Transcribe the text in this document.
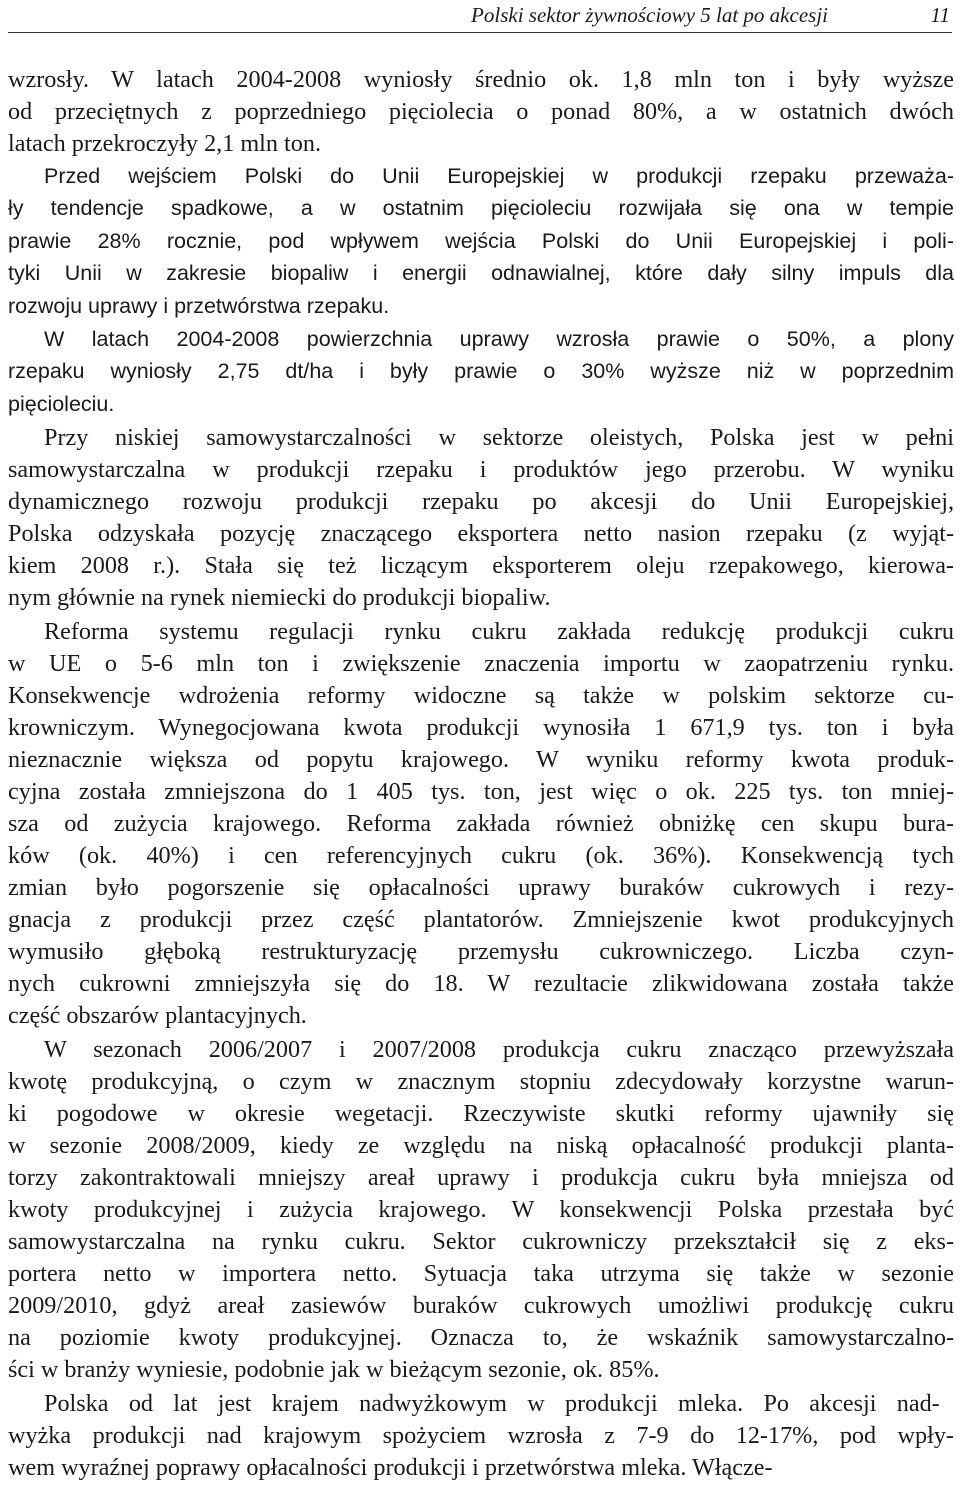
Polski sektor żywnościowy 5 lat po akcesji	11
wzrosły. W latach 2004-2008 wyniosły średnio ok. 1,8 mln ton i były wyższe
od przeciętnych z poprzedniego pięciolecia o ponad 80%, a w ostatnich dwóch
latach przekroczyły 2,1 mln ton.
Przed wejściem Polski do Unii Europejskiej w produkcji rzepaku przeważa-
ły tendencje spadkowe, a w ostatnim pięcioleciu rozwijała się ona w tempie
prawie 28% rocznie, pod wpływem wejścia Polski do Unii Europejskiej i poli-
tyki Unii w zakresie biopaliw i energii odnawialnej, które dały silny impuls dla
rozwoju uprawy i przetwórstwa rzepaku.
W latach 2004-2008 powierzchnia uprawy wzrosła prawie o 50%, a plony
rzepaku wyniosły 2,75 dt/ha i były prawie o 30% wyższe niż w poprzednim
pięcioleciu.
Przy niskiej samowystarczalności w sektorze oleistych, Polska jest w pełni
samowystarczalna w produkcji rzepaku i produktów jego przerobu. W wyniku
dynamicznego rozwoju produkcji rzepaku po akcesji do Unii Europejskiej,
Polska odzyskała pozycję znaczącego eksportera netto nasion rzepaku (z wyjąt-
kiem 2008 r.). Stała się też liczącym eksporterem oleju rzepakowego, kierowa-
nym głównie na rynek niemiecki do produkcji biopaliw.
Reforma systemu regulacji rynku cukru zakłada redukcję produkcji cukru
w UE o 5-6 mln ton i zwiększenie znaczenia importu w zaopatrzeniu rynku.
Konsekwencje wdrożenia reformy widoczne są także w polskim sektorze cu-
krowniczym. Wynegocjowana kwota produkcji wynosiła 1 671,9 tys. ton i była
nieznacznie większa od popytu krajowego. W wyniku reformy kwota produk-
cyjna została zmniejszona do 1 405 tys. ton, jest więc o ok. 225 tys. ton mniej-
sza od zużycia krajowego. Reforma zakłada również obniżkę cen skupu bura-
ków (ok. 40%) i cen referencyjnych cukru (ok. 36%). Konsekwencją tych
zmian było pogorszenie się opłacalności uprawy buraków cukrowych i rezy-
gnacja z produkcji przez część plantatorów. Zmniejszenie kwot produkcyjnych
wymusiło głęboką restrukturyzację przemysłu cukrowniczego. Liczba czyn-
nych cukrowni zmniejszyła się do 18. W rezultacie zlikwidowana została także
część obszarów plantacyjnych.
W sezonach 2006/2007 i 2007/2008 produkcja cukru znacząco przewyższała
kwotę produkcyjną, o czym w znacznym stopniu zdecydowały korzystne warun-
ki pogodowe w okresie wegetacji. Rzeczywiste skutki reformy ujawniły się
w sezonie 2008/2009, kiedy ze względu na niską opłacalność produkcji planta-
torzy zakontraktowali mniejszy areał uprawy i produkcja cukru była mniejsza od
kwoty produkcyjnej i zużycia krajowego. W konsekwencji Polska przestała być
samowystarczalna na rynku cukru. Sektor cukrowniczy przekształcił się z eks-
portera netto w importera netto. Sytuacja taka utrzyma się także w sezonie
2009/2010, gdyż areał zasiewów buraków cukrowych umożliwi produkcję cukru
na poziomie kwoty produkcyjnej. Oznacza to, że wskaźnik samowystarczalno-
ści w branży wyniesie, podobnie jak w bieżącym sezonie, ok. 85%.
Polska od lat jest krajem nadwyżkowym w produkcji mleka. Po akcesji nad-
wyżka produkcji nad krajowym spożyciem wzrosła z 7-9 do 12-17%, pod wpły-
wem wyraźnej poprawy opłacalności produkcji i przetwórstwa mleka. Włącze-
